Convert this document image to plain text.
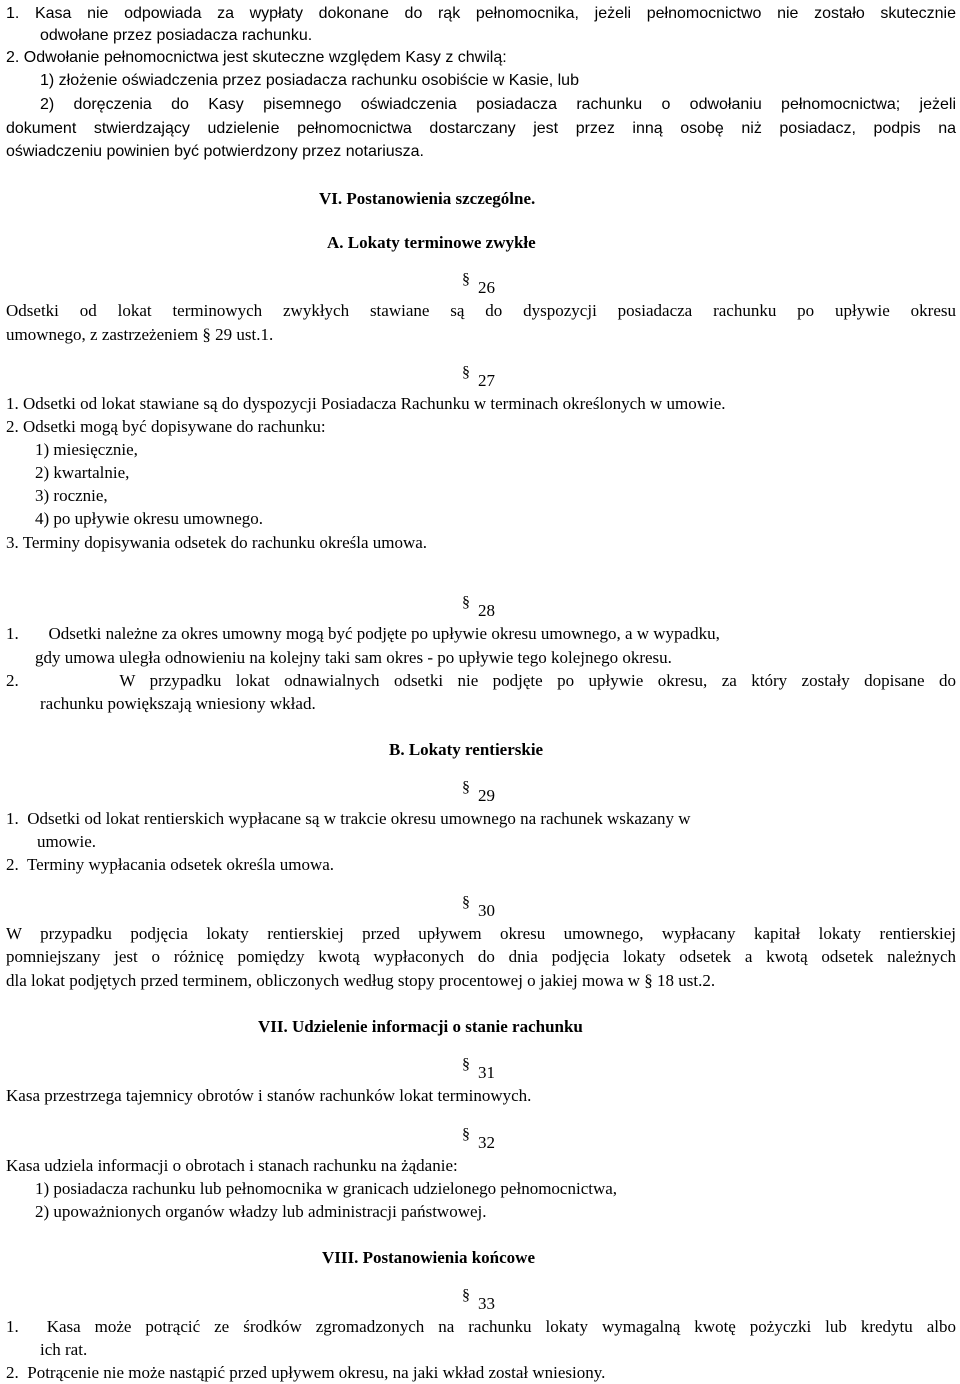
1. Kasa nie odpowiada za wypłaty dokonane do rąk pełnomocnika, jeżeli pełnomocnictwo nie zostało skutecznie
odwołane przez posiadacza rachunku.
2. Odwołanie pełnomocnictwa jest skuteczne względem Kasy z chwilą:
1) złożenie oświadczenia przez posiadacza rachunku osobiście w Kasie, lub
2) doręczenia do Kasy pisemnego oświadczenia posiadacza rachunku o odwołaniu pełnomocnictwa; jeżeli
dokument stwierdzający udzielenie pełnomocnictwa dostarczany jest przez inną osobę niż posiadacz, podpis na
oświadczeniu powinien być potwierdzony przez notariusza.
VI. Postanowienia szczególne.
A. Lokaty terminowe zwykłe
§ 26
Odsetki od lokat terminowych zwykłych stawiane są do dyspozycji posiadacza rachunku po upływie okresu
umownego, z zastrzeżeniem § 29 ust.1.
§ 27
1. Odsetki od lokat stawiane są do dyspozycji Posiadacza Rachunku w terminach określonych w umowie.
2. Odsetki mogą być dopisywane do rachunku:
1) miesięcznie,
2) kwartalnie,
3) rocznie,
4) po upływie okresu umownego.
3. Terminy dopisywania odsetek do rachunku określa umowa.
§ 28
1.       Odsetki należne za okres umowny mogą być podjęte po upływie okresu umownego, a w wypadku,
gdy umowa uległa odnowieniu na kolejny taki sam okres - po upływie tego kolejnego okresu.
2.       W przypadku lokat odnawialnych odsetki nie podjęte po upływie okresu, za który zostały dopisane do
rachunku powiększają wniesiony wkład.
B. Lokaty rentierskie
§ 29
1.  Odsetki od lokat rentierskich wypłacane są w trakcie okresu umownego na rachunek wskazany w
umowie.
2.  Terminy wypłacania odsetek określa umowa.
§ 30
W przypadku podjęcia lokaty rentierskiej przed upływem okresu umownego, wypłacany kapitał lokaty rentierskiej
pomniejszany jest o różnicę pomiędzy kwotą wypłaconych do dnia podjęcia lokaty odsetek a kwotą odsetek należnych
dla lokat podjętych przed terminem, obliczonych według stopy procentowej o jakiej mowa w § 18 ust.2.
VII. Udzielenie informacji o stanie rachunku
§ 31
Kasa przestrzega tajemnicy obrotów i stanów rachunków lokat terminowych.
§ 32
Kasa udziela informacji o obrotach i stanach rachunku na żądanie:
1) posiadacza rachunku lub pełnomocnika w granicach udzielonego pełnomocnictwa,
2) upoważnionych organów władzy lub administracji państwowej.
VIII. Postanowienia końcowe
§ 33
1.  Kasa może potrącić ze środków zgromadzonych na rachunku lokaty wymagalną kwotę pożyczki lub kredytu albo
ich rat.
2.  Potrącenie nie może nastąpić przed upływem okresu, na jaki wkład został wniesiony.
